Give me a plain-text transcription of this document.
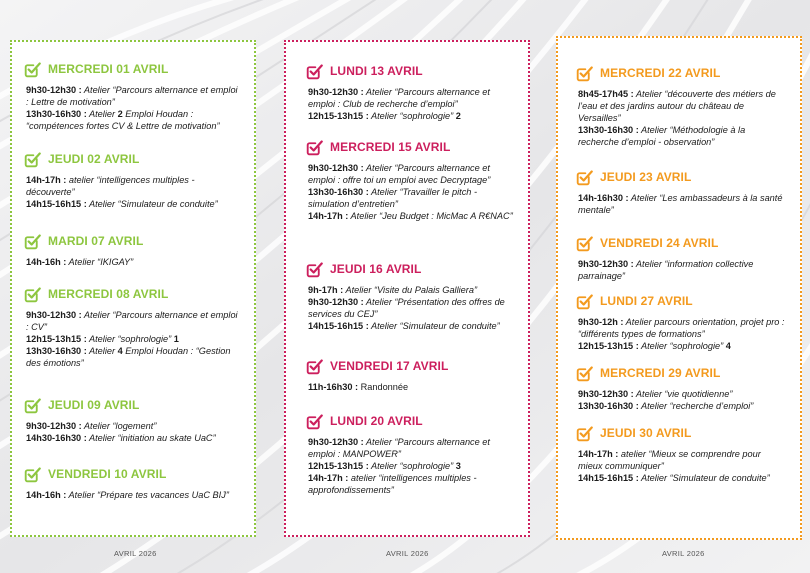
MERCREDI 01 AVRIL
9h30-12h30 : Atelier “Parcours alternance et emploi : Lettre de motivation”
13h30-16h30 : Atelier 2 Emploi Houdan : “compétences fortes CV & Lettre de motivation”
JEUDI 02 AVRIL
14h-17h : atelier “intelligences multiples - découverte”
14h15-16h15 : Atelier “Simulateur de conduite”
MARDI 07 AVRIL
14h-16h : Atelier “IKIGAY”
MERCREDI 08 AVRIL
9h30-12h30 : Atelier “Parcours alternance et emploi : CV”
12h15-13h15 : Atelier “sophrologie” 1
13h30-16h30 : Atelier 4 Emploi Houdan : “Gestion des émotions”
JEUDI 09 AVRIL
9h30-12h30 : Atelier “logement”
14h30-16h30 : Atelier “initiation au skate UaC”
VENDREDI 10 AVRIL
14h-16h : Atelier “Prépare tes vacances UaC BIJ”
LUNDI 13 AVRIL
9h30-12h30 : Atelier “Parcours alternance et emploi : Club de recherche d’emploi”
12h15-13h15 : Atelier “sophrologie” 2
MERCREDI 15 AVRIL
9h30-12h30 : Atelier “Parcours alternance et emploi : offre toi un emploi avec Decryptage”
13h30-16h30 : Atelier “Travailler le pitch - simulation d’entretien”
14h-17h : Atelier “Jeu Budget : MicMac A R€NAC”
JEUDI 16 AVRIL
9h-17h : Atelier “Visite du Palais Galliera”
9h30-12h30 : Atelier “Présentation des offres de services du CEJ”
14h15-16h15 : Atelier “Simulateur de conduite”
VENDREDI 17 AVRIL
11h-16h30 : Randonnée
LUNDI 20 AVRIL
9h30-12h30 : Atelier “Parcours alternance et emploi : MANPOWER”
12h15-13h15 : Atelier “sophrologie” 3
14h-17h : atelier “intelligences multiples - approfondissements”
MERCREDI 22 AVRIL
8h45-17h45 : Atelier “découverte des métiers de l’eau et des jardins autour du château de Versailles”
13h30-16h30 : Atelier “Méthodologie à la recherche d’emploi - observation”
JEUDI 23 AVRIL
14h-16h30 : Atelier “Les ambassadeurs à la santé mentale”
VENDREDI 24 AVRIL
9h30-12h30 : Atelier “information collective parrainage”
LUNDI 27 AVRIL
9h30-12h : Atelier parcours orientation, projet pro : “différents types de formations”
12h15-13h15 : Atelier “sophrologie” 4
MERCREDI 29 AVRIL
9h30-12h30 : Atelier “vie quotidienne”
13h30-16h30 : Atelier “recherche d’emploi”
JEUDI 30 AVRIL
14h-17h : atelier “Mieux se comprendre pour mieux communiquer”
14h15-16h15 : Atelier “Simulateur de conduite”
AVRIL 2026	AVRIL 2026	AVRIL 2026
